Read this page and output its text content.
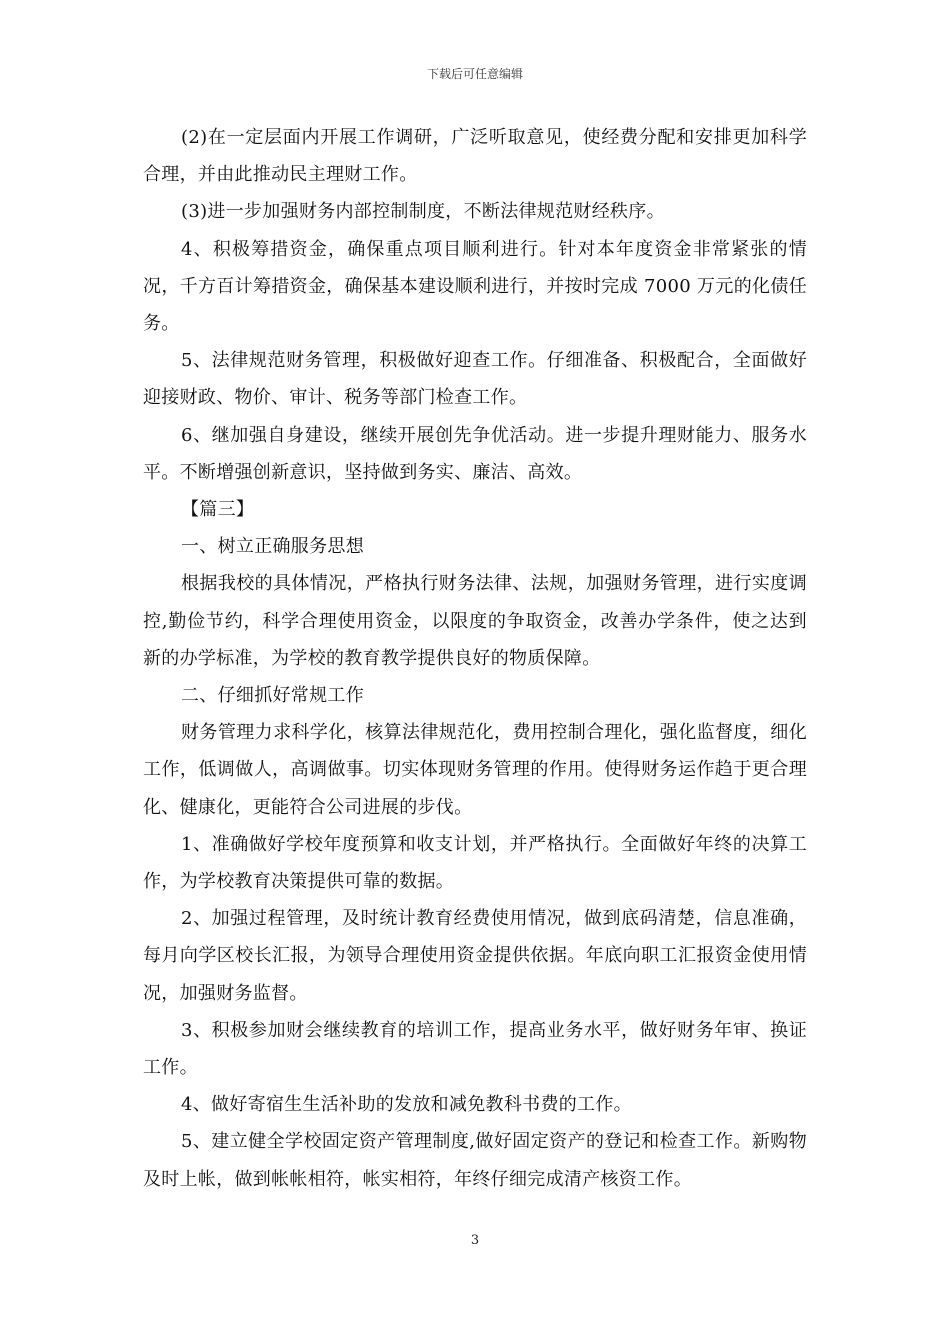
下载后可任意编辑

(2)在一定层面内开展工作调研，广泛听取意见，使经费分配和安排更加科学合理，并由此推动民主理财工作。

(3)进一步加强财务内部控制制度，不断法律规范财经秩序。

4、积极筹措资金，确保重点项目顺利进行。针对本年度资金非常紧张的情况，千方百计筹措资金，确保基本建设顺利进行，并按时完成 7000 万元的化债任务。

5、法律规范财务管理，积极做好迎查工作。仔细准备、积极配合，全面做好迎接财政、物价、审计、税务等部门检查工作。

6、继加强自身建设，继续开展创先争优活动。进一步提升理财能力、服务水平。不断增强创新意识，坚持做到务实、廉洁、高效。

【篇三】

一、树立正确服务思想

根据我校的具体情况，严格执行财务法律、法规，加强财务管理，进行实度调控,勤俭节约，科学合理使用资金，以限度的争取资金，改善办学条件，使之达到新的办学标准，为学校的教育教学提供良好的物质保障。

二、仔细抓好常规工作

财务管理力求科学化，核算法律规范化，费用控制合理化，强化监督度，细化工作，低调做人，高调做事。切实体现财务管理的作用。使得财务运作趋于更合理化、健康化，更能符合公司进展的步伐。

1、准确做好学校年度预算和收支计划，并严格执行。全面做好年终的决算工作，为学校教育决策提供可靠的数据。

2、加强过程管理，及时统计教育经费使用情况，做到底码清楚，信息准确，每月向学区校长汇报，为领导合理使用资金提供依据。年底向职工汇报资金使用情况，加强财务监督。

3、积极参加财会继续教育的培训工作，提高业务水平，做好财务年审、换证工作。

4、做好寄宿生生活补助的发放和减免教科书费的工作。

5、建立健全学校固定资产管理制度,做好固定资产的登记和检查工作。新购物及时上帐，做到帐帐相符，帐实相符，年终仔细完成清产核资工作。

3
